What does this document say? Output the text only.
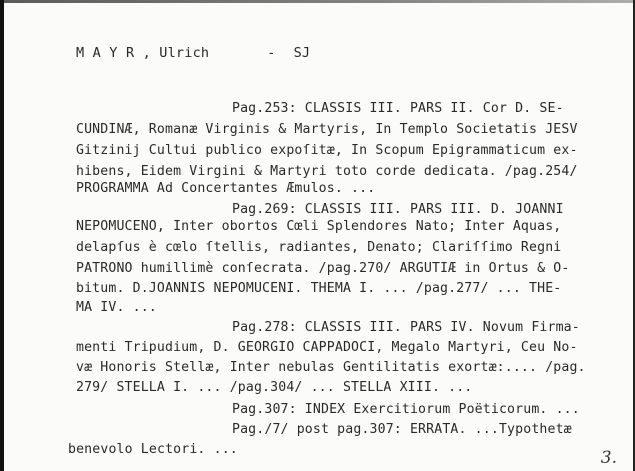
M A Y R , Ulrich	- SJ
Pag.253: CLASSIS III. PARS II. Cor D. SE-
CUNDINÆ, Romanæ Virginis & Martyris, In Templo Societatis JESV
Gitzinij Cultui publico expoſitæ, In Scopum Epigrammaticum ex-
hibens, Eidem Virgini & Martyri toto corde dedicata. /pag.254/
PROGRAMMA Ad Concertantes Æmulos. ...
Pag.269: CLASSIS III. PARS III. D. JOANNI
NEPOMUCENO, Inter obortos Cœli Splendores Nato; Inter Aquas,
delapſus è cœlo ſtellis, radiantes, Denato; Clariſſimo Regni
PATRONO humillimè conſecrata. /pag.270/ ARGUTIÆ in Ortus & O-
bitum. D.JOANNIS NEPOMUCENI. THEMA I. ... /pag.277/ ... THE-
MA IV. ...
Pag.278: CLASSIS III. PARS IV. Novum Firma-
menti Tripudium, D. GEORGIO CAPPADOCI, Megalo Martyri, Ceu No-
væ Honoris Stellæ, Inter nebulas Gentilitatis exortæ:.... /pag.
279/ STELLA I. ... /pag.304/ ... STELLA XIII. ...
Pag.307: INDEX Exercitiorum Poëticorum. ...
Pag./7/ post pag.307: ERRATA. ...Typothetæ
benevolo Lectori. ...	3.
